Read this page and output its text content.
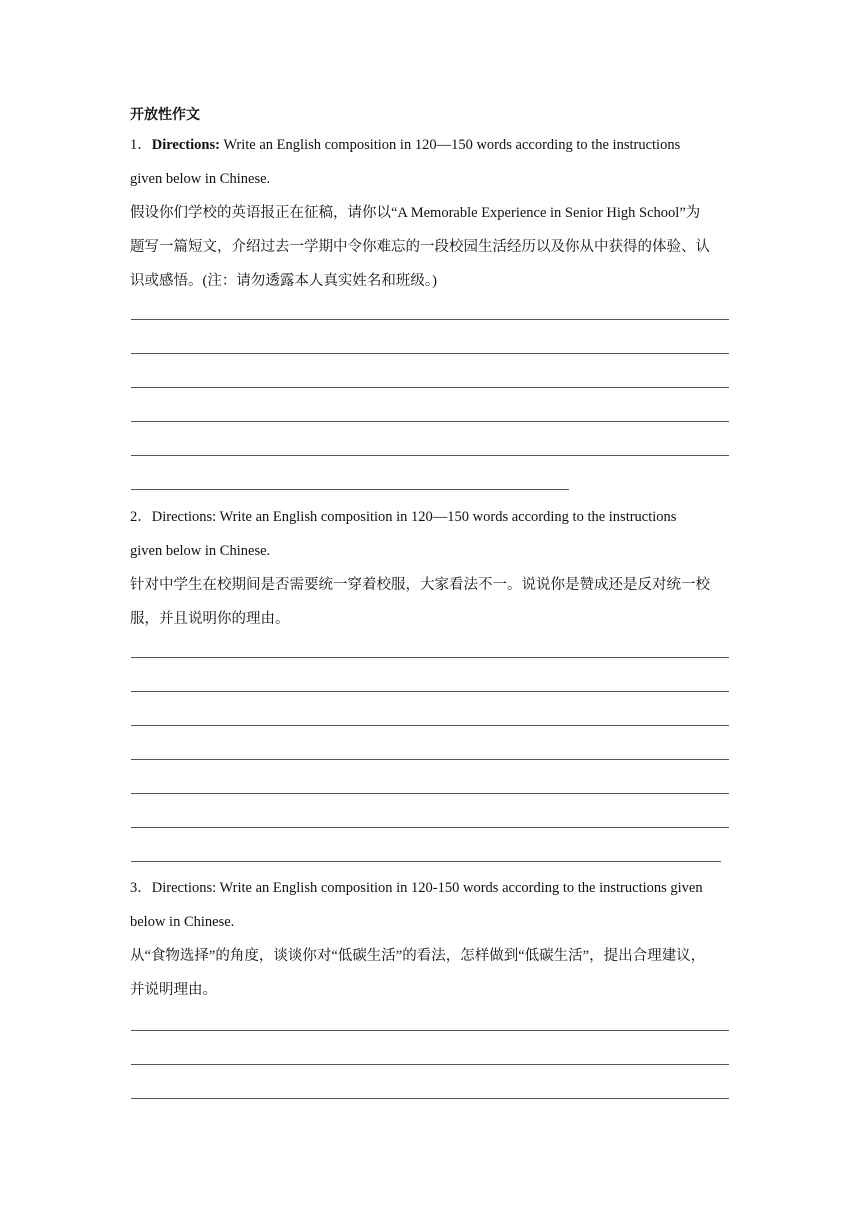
开放性作文
1．Directions: Write an English composition in 120—150 words according to the instructions
given below in Chinese.
假设你们学校的英语报正在征稿，请你以“A Memorable Experience in Senior High School”为
题写一篇短文，介绍过去一学期中令你难忘的一段校园生活经历以及你从中获得的体验、认
识或感悟。(注：请勿透露本人真实姓名和班级。)
2．Directions: Write an English composition in 120—150 words according to the instructions
given below in Chinese.
针对中学生在校期间是否需要统一穿着校服，大家看法不一。说说你是赞成还是反对统一校
服，并且说明你的理由。
3．Directions: Write an English composition in 120-150 words according to the instructions given
below in Chinese.
从“食物选择”的角度，谈谈你对“低碳生活”的看法，怎样做到“低碳生活”，提出合理建议，
并说明理由。
